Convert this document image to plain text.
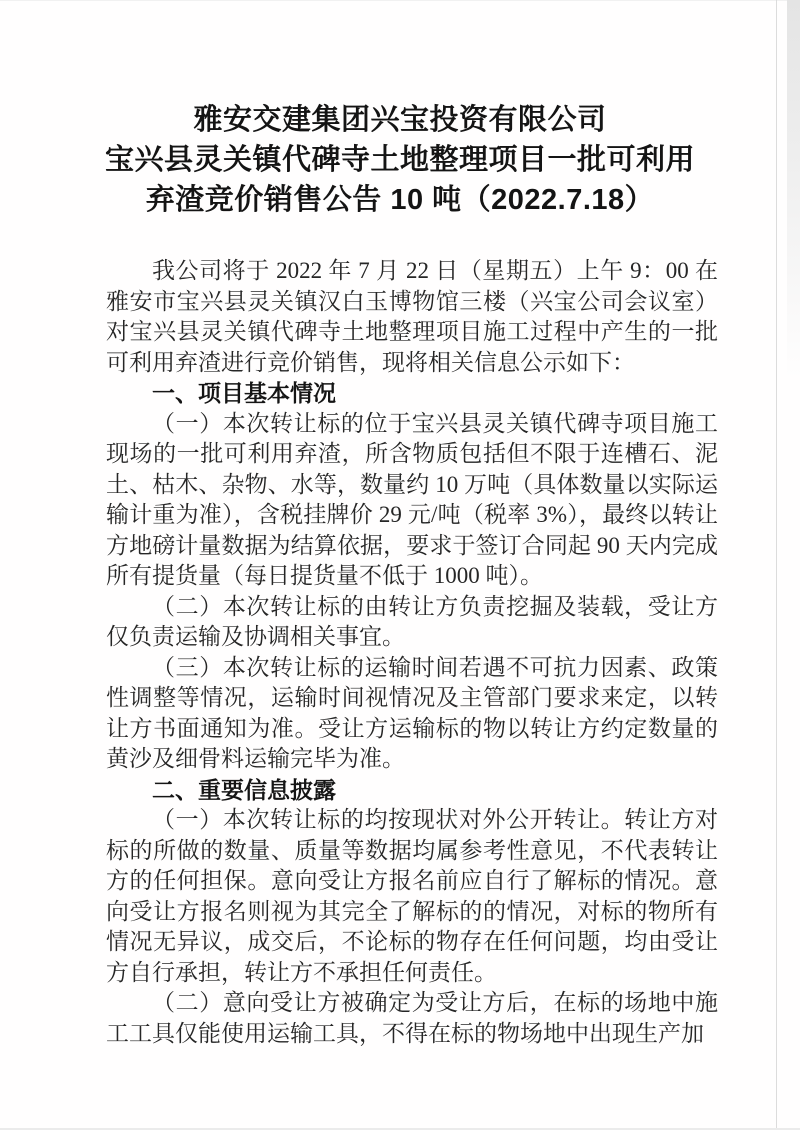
雅安交建集团兴宝投资有限公司
宝兴县灵关镇代碑寺土地整理项目一批可利用
弃渣竞价销售公告 10 吨（2022.7.18）

我公司将于 2022 年 7 月 22 日（星期五）上午 9：00 在雅安市宝兴县灵关镇汉白玉博物馆三楼（兴宝公司会议室）对宝兴县灵关镇代碑寺土地整理项目施工过程中产生的一批可利用弃渣进行竞价销售，现将相关信息公示如下：

一、项目基本情况

（一）本次转让标的位于宝兴县灵关镇代碑寺项目施工现场的一批可利用弃渣，所含物质包括但不限于连槽石、泥土、枯木、杂物、水等，数量约 10 万吨（具体数量以实际运输计重为准），含税挂牌价 29 元/吨（税率 3%），最终以转让方地磅计量数据为结算依据，要求于签订合同起 90 天内完成所有提货量（每日提货量不低于 1000 吨）。

（二）本次转让标的由转让方负责挖掘及装载，受让方仅负责运输及协调相关事宜。

（三）本次转让标的运输时间若遇不可抗力因素、政策性调整等情况，运输时间视情况及主管部门要求来定，以转让方书面通知为准。受让方运输标的物以转让方约定数量的黄沙及细骨料运输完毕为准。

二、重要信息披露

（一）本次转让标的均按现状对外公开转让。转让方对标的所做的数量、质量等数据均属参考性意见，不代表转让方的任何担保。意向受让方报名前应自行了解标的情况。意向受让方报名则视为其完全了解标的的情况，对标的物所有情况无异议，成交后，不论标的物存在任何问题，均由受让方自行承担，转让方不承担任何责任。

（二）意向受让方被确定为受让方后，在标的场地中施工工具仅能使用运输工具，不得在标的物场地中出现生产加
